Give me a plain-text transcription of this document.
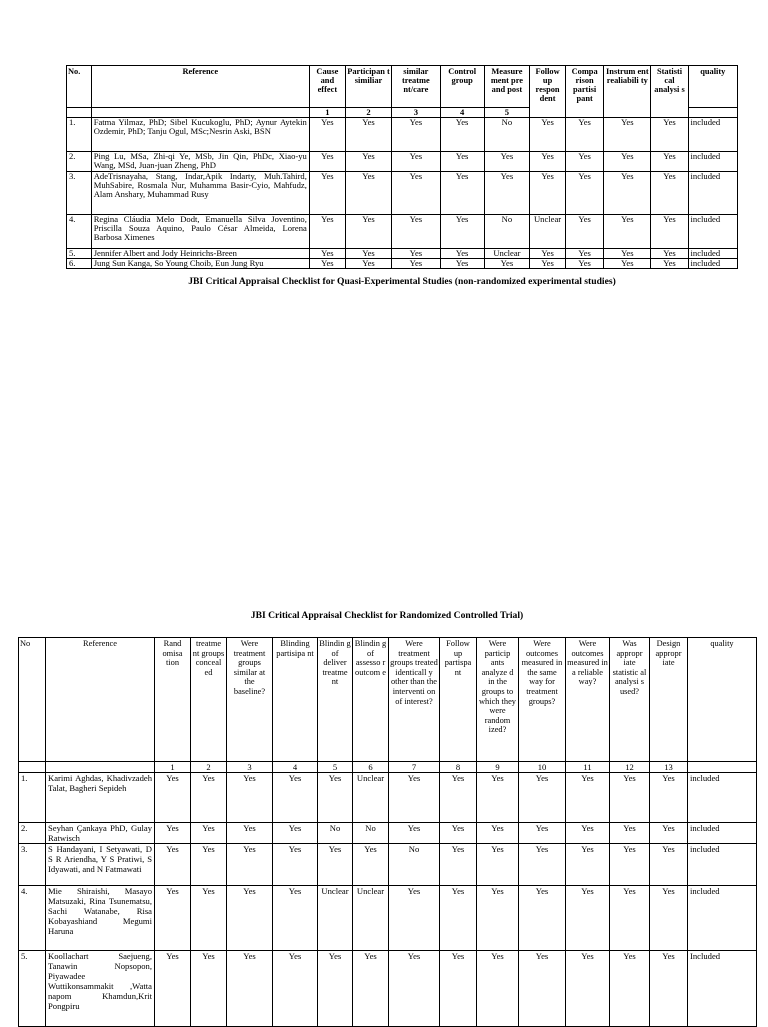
No.	Reference	Cause and effect	Participan t similiar	similar treatme nt/care	Control group	Measure ment pre and post	Follow up respon dent	Compa rison partisi pant	Instrum ent realiabili ty	Statisti cal analysi s	quality
		1	2	3	4	5					
1.	Fatma Yilmaz, PhD; Sibel Kucukoglu, PhD; Aynur Aytekin Ozdemir, PhD; Tanju Ogul, MSc;Nesrin Aski, BSN	Yes	Yes	Yes	Yes	No	Yes	Yes	Yes	Yes	included
2.	Ping Lu, MSa, Zhi-qi Ye, MSb, Jin Qin, PhDc, Xiao-yu Wang, MSd, Juan-juan Zheng, PhD	Yes	Yes	Yes	Yes	Yes	Yes	Yes	Yes	Yes	included
3.	AdeTrisnayaha, Stang, Indar,Apik Indarty, Muh.Tahird, MuhSabire, Rosmala Nur, Muhamma Basir-Cyio, Mahfudz, Alam Anshary, Muhammad Rusy	Yes	Yes	Yes	Yes	Yes	Yes	Yes	Yes	Yes	included
4.	Regina Cláudia Melo Dodt, Emanuella Silva Joventino, Priscilla Souza Aquino, Paulo César Almeida, Lorena Barbosa Ximenes	Yes	Yes	Yes	Yes	No	Unclear	Yes	Yes	Yes	included
5.	Jennifer Albert and Jody Heinrichs-Breen	Yes	Yes	Yes	Yes	Unclear	Yes	Yes	Yes	Yes	included
6.	Jung Sun Kanga, So Young Choib, Eun Jung Ryu	Yes	Yes	Yes	Yes	Yes	Yes	Yes	Yes	Yes	included
JBI Critical Appraisal Checklist for Quasi-Experimental Studies (non-randomized experimental studies)
JBI Critical Appraisal Checklist for Randomized Controlled Trial)
No	Reference	Rand omisa tion	treatme nt groups conceal ed	Were treatment groups similar at the baseline?	Blinding partisipa nt	Blindin g of deliver treatme nt	Blindin g of assesso r outcom e	Were treatment groups treated identicall y other than the interventi on of interest?	Follow up partispa nt	Were particip ants analyze d in the groups to which they were random ized?	Were outcomes measured in the same way for treatment groups?	Were outcomes measured in a reliable way?	Was appropr iate statistic al analysi s used?	Design appropr iate	quality
		1	2	3	4	5	6	7	8	9	10	11	12	13	
1.	Karimi Aghdas, Khadivzadeh Talat, Bagheri Sepideh	Yes	Yes	Yes	Yes	Yes	Unclear	Yes	Yes	Yes	Yes	Yes	Yes	Yes	included
2.	Seyhan Çankaya PhD, Gulay Ratwisch	Yes	Yes	Yes	Yes	No	No	Yes	Yes	Yes	Yes	Yes	Yes	Yes	included
3.	S Handayani, I Setyawati, D S R Ariendha, Y S Pratiwi, S Idyawati, and N Fatmawati	Yes	Yes	Yes	Yes	Yes	Yes	No	Yes	Yes	Yes	Yes	Yes	Yes	included
4.	Mie Shiraishi, Masayo Matsuzaki, Rina Tsunematsu, Sachi Watanabe, Risa Kobayashiand Megumi Haruna	Yes	Yes	Yes	Yes	Unclear	Unclear	Yes	Yes	Yes	Yes	Yes	Yes	Yes	included
5.	Koollachart Saejueng, Tanawin Nopsopon, Piyawadee Wuttikonsammakit ,Watta napom Khamdun,Krit Pongpiru	Yes	Yes	Yes	Yes	Yes	Yes	Yes	Yes	Yes	Yes	Yes	Yes	Yes	Included
